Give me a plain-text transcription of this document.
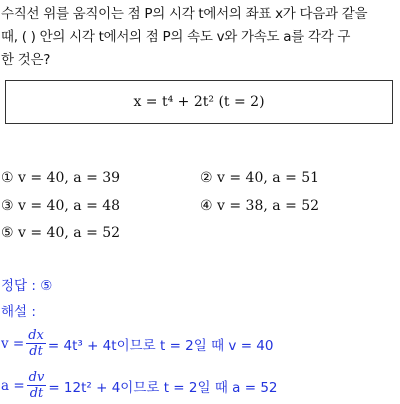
수직선 위를 움직이는 점 P의 시각 t에서의 좌표 x가 다음과 같을
때, ( ) 안의 시각 t에서의 점 P의 속도 v와 가속도 a를 각각 구
한 것은?
x = t⁴ + 2t² (t = 2)
① v = 40, a = 39	② v = 40, a = 51
③ v = 40, a = 48	④ v = 38, a = 52
⑤ v = 40, a = 52
정답 : ⑤
해설 :
$v = \frac{dx}{dt} = 4t^3 + 4t$이므로 t = 2일 때 v = 40
$a = \frac{dv}{dt} = 12t^2 + 4$이므로 t = 2일 때 a = 52
